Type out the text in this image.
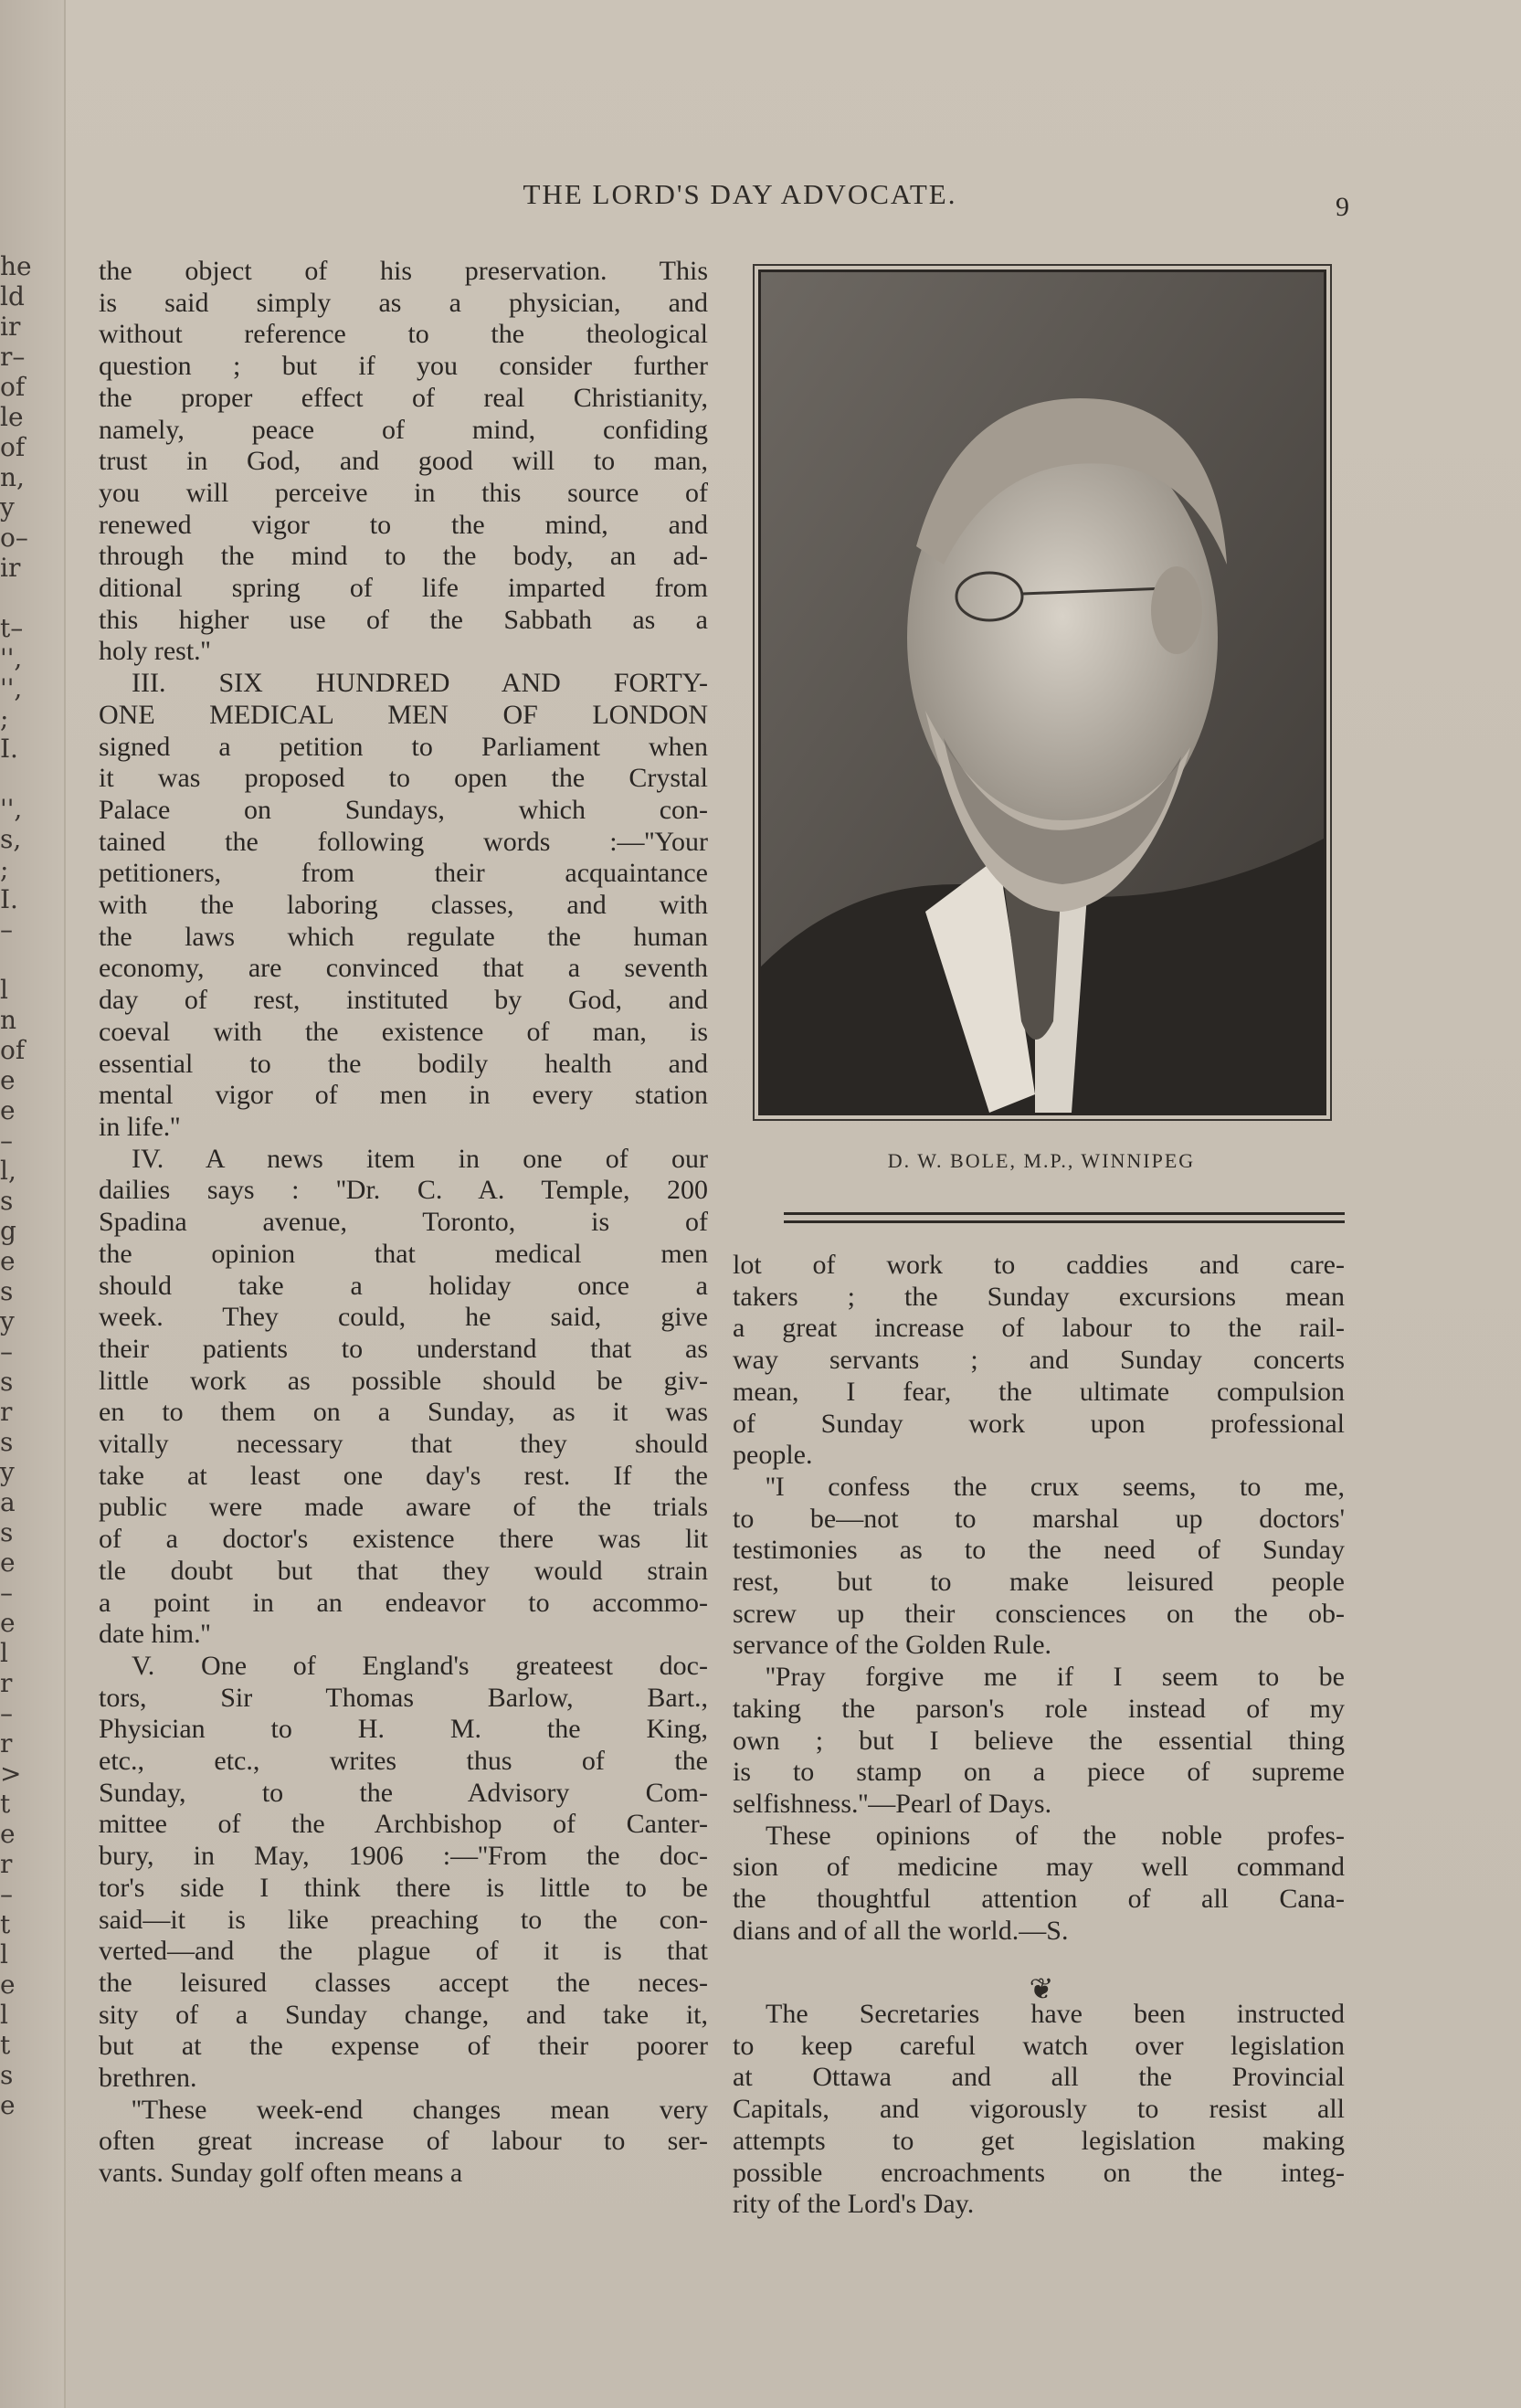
he
ld
ir
r–
of
le
of
n,
y
o–
ir
t–
'',
'',
;
I.
'',
s,
;
I.
–
l
n
of
e
e
–
l,
s
g
e
s
y
–
s
r
s
y
a
s
e
–
e
l
r
–
r
>
t
e
r
–
t
l
e
l
t
s
e
THE LORD'S DAY ADVOCATE.	9

the object of his preservation. This

is said simply as a physician, and

without reference to the theological

question ; but if you consider further

the proper effect of real Christianity,

namely, peace of mind, confiding

trust in God, and good will to man,

you will perceive in this source of

renewed vigor to the mind, and

through the mind to the body, an ad-

ditional spring of life imparted from

this higher use of the Sabbath as a

holy rest.''

III. SIX HUNDRED AND FORTY-

ONE MEDICAL MEN OF LONDON

signed a petition to Parliament when

it was proposed to open the Crystal

Palace on Sundays, which con-

tained the following words :—''Your

petitioners, from their acquaintance

with the laboring classes, and with

the laws which regulate the human

economy, are convinced that a seventh

day of rest, instituted by God, and

coeval with the existence of man, is

essential to the bodily health and

mental vigor of men in every station

in life.''

IV. A news item in one of our

dailies says : ''Dr. C. A. Temple, 200

Spadina avenue, Toronto, is of

the opinion that medical men

should take a holiday once a

week. They could, he said, give

their patients to understand that as

little work as possible should be giv-

en to them on a Sunday, as it was

vitally necessary that they should

take at least one day's rest. If the

public were made aware of the trials

of a doctor's existence there was lit

tle doubt but that they would strain

a point in an endeavor to accommo-

date him.''

V. One of England's greateest doc-

tors, Sir Thomas Barlow, Bart.,

Physician to H. M. the King,

etc., etc., writes thus of the

Sunday, to the Advisory Com-

mittee of the Archbishop of Canter-

bury, in May, 1906 :—''From the doc-

tor's side I think there is little to be

said—it is like preaching to the con-

verted—and the plague of it is that

the leisured classes accept the neces-

sity of a Sunday change, and take it,

but at the expense of their poorer

brethren.

''These week-end changes mean very

often great increase of labour to ser-

vants. Sunday golf often means a

D. W. BOLE, M.P., WINNIPEG

lot of work to caddies and care-

takers ; the Sunday excursions mean

a great increase of labour to the rail-

way servants ; and Sunday concerts

mean, I fear, the ultimate compulsion

of Sunday work upon professional

people.

''I confess the crux seems, to me,

to be—not to marshal up doctors'

testimonies as to the need of Sunday

rest, but to make leisured people

screw up their consciences on the ob-

servance of the Golden Rule.

''Pray forgive me if I seem to be

taking the parson's role instead of my

own ; but I believe the essential thing

is to stamp on a piece of supreme

selfishness.''—Pearl of Days.

These opinions of the noble profes-

sion of medicine may well command

the thoughtful attention of all Cana-

dians and of all the world.—S.

❦

The Secretaries have been instructed

to keep careful watch over legislation

at Ottawa and all the Provincial

Capitals, and vigorously to resist all

attempts to get legislation making

possible encroachments on the integ-

rity of the Lord's Day.
